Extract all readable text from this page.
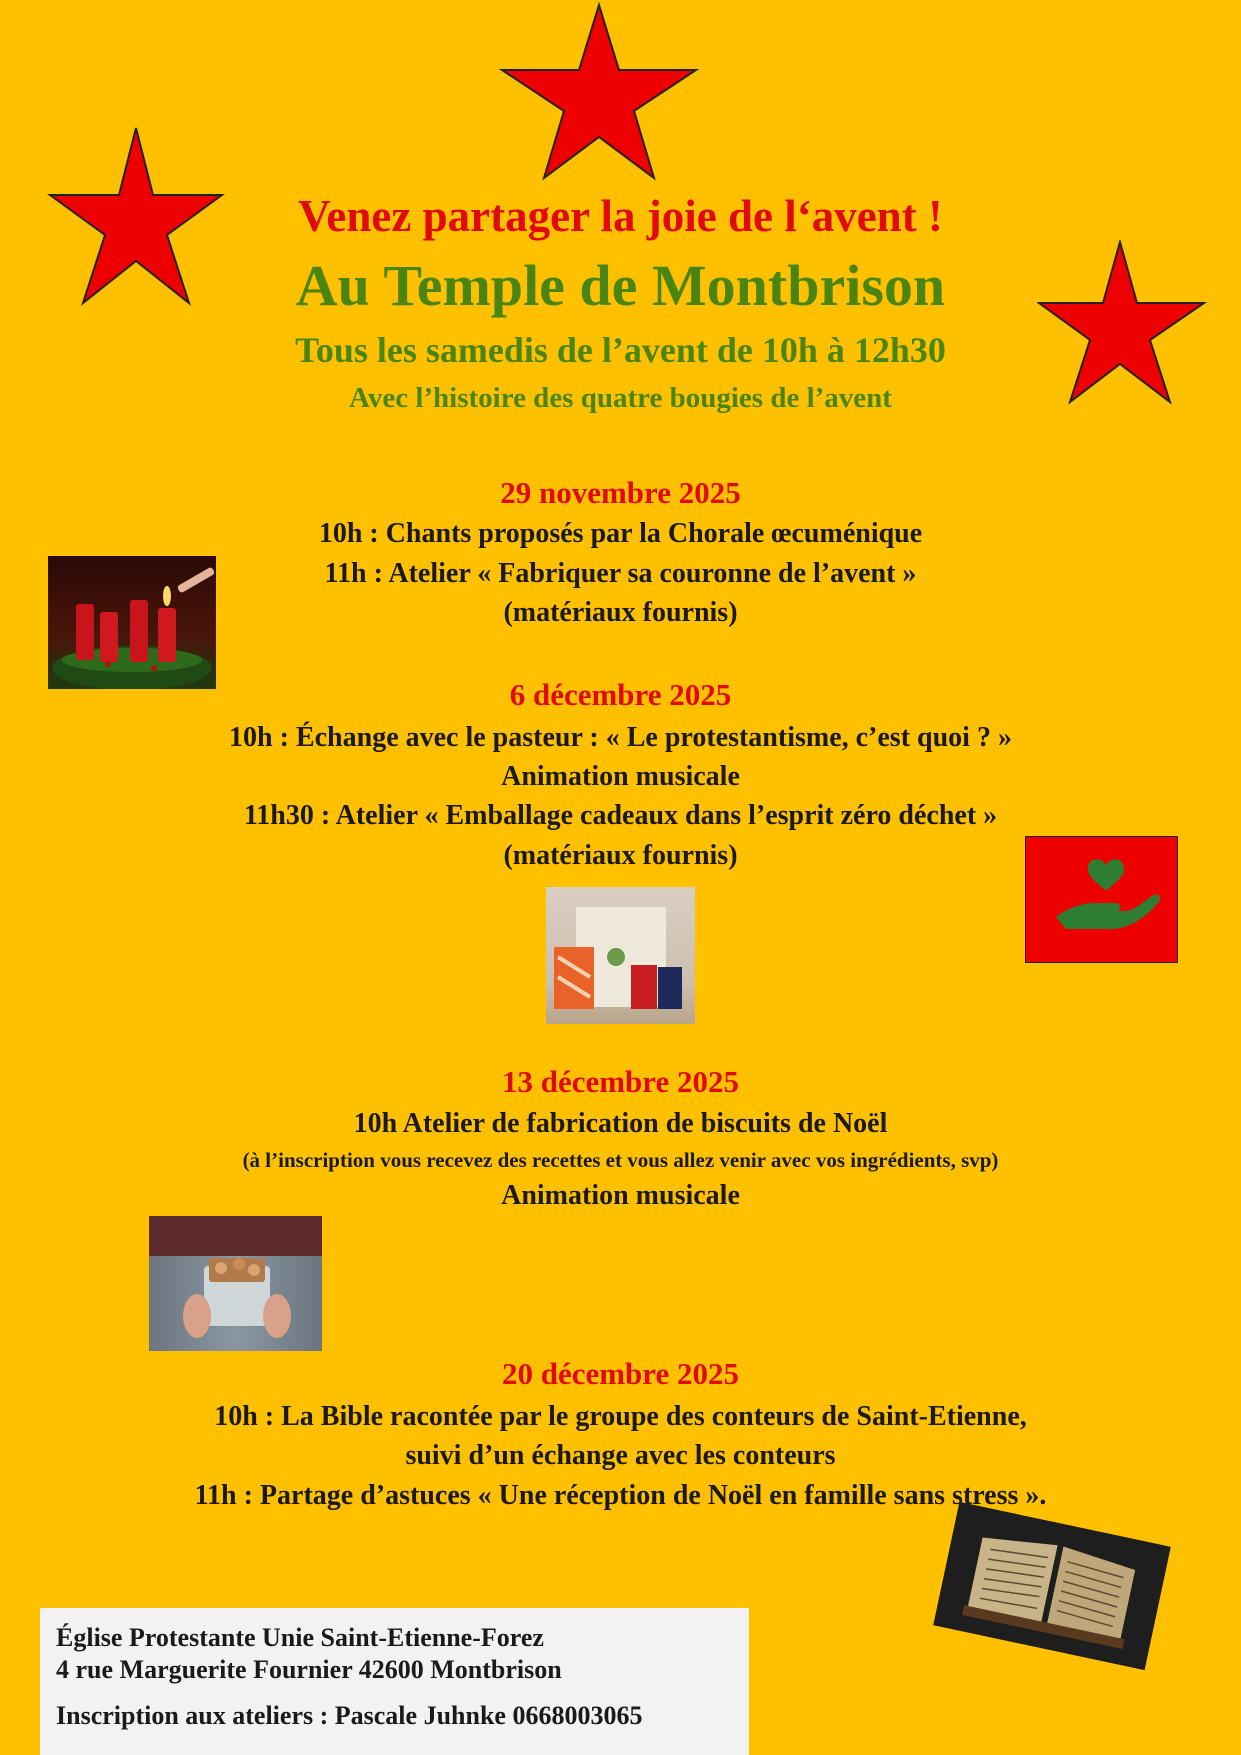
Venez partager la joie de l‘avent !
Au Temple de Montbrison
Tous les samedis de l’avent de 10h à 12h30
Avec l’histoire des quatre bougies de l’avent
29 novembre 2025
10h : Chants proposés par la Chorale œcuménique
11h : Atelier « Fabriquer sa couronne de l’avent »
(matériaux fournis)
6 décembre 2025
10h : Échange avec le pasteur : « Le protestantisme, c’est quoi ? »
Animation musicale
11h30 : Atelier « Emballage cadeaux dans l’esprit zéro déchet »
(matériaux fournis)
13 décembre 2025
10h Atelier de fabrication de biscuits de Noël
(à l’inscription vous recevez des recettes et vous allez venir avec vos ingrédients, svp)
Animation musicale
20 décembre 2025
10h : La Bible racontée par le groupe des conteurs de Saint-Etienne,
suivi d’un échange avec les conteurs
11h : Partage d’astuces « Une réception de Noël en famille sans stress ».
Église Protestante Unie Saint-Etienne-Forez
4 rue Marguerite Fournier 42600 Montbrison
Inscription aux ateliers : Pascale Juhnke 0668003065
